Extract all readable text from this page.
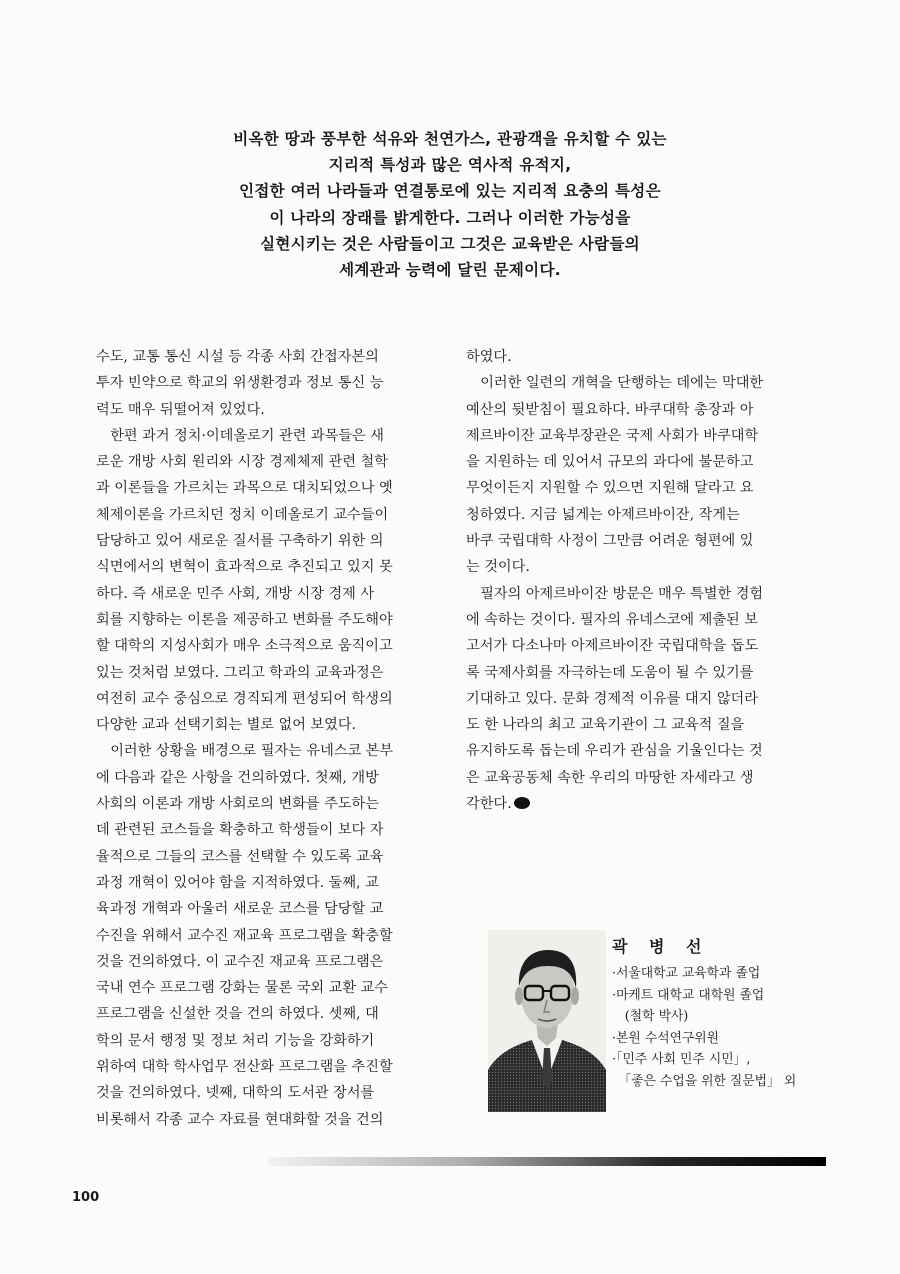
비옥한 땅과 풍부한 석유와 천연가스, 관광객을 유치할 수 있는
지리적 특성과 많은 역사적 유적지,
인접한 여러 나라들과 연결통로에 있는 지리적 요충의 특성은
이 나라의 장래를 밝게한다. 그러나 이러한 가능성을
실현시키는 것은 사람들이고 그것은 교육받은 사람들의
세계관과 능력에 달린 문제이다.
수도, 교통 통신 시설 등 각종 사회 간접자본의
투자 빈약으로 학교의 위생환경과 정보 통신 능
력도 매우 뒤떨어져 있었다.
　한편 과거 정치·이데올로기 관련 과목들은 새
로운 개방 사회 원리와 시장 경제체제 관련 철학
과 이론들을 가르치는 과목으로 대치되었으나 옛
체제이론을 가르치던 정치 이데올로기 교수들이
담당하고 있어 새로운 질서를 구축하기 위한 의
식면에서의 변혁이 효과적으로 추진되고 있지 못
하다. 즉 새로운 민주 사회, 개방 시장 경제 사
회를 지향하는 이론을 제공하고 변화를 주도해야
할 대학의 지성사회가 매우 소극적으로 움직이고
있는 것처럼 보였다. 그리고 학과의 교육과정은
여전히 교수 중심으로 경직되게 편성되어 학생의
다양한 교과 선택기회는 별로 없어 보였다.
　이러한 상황을 배경으로 필자는 유네스코 본부
에 다음과 같은 사항을 건의하였다. 첫째, 개방
사회의 이론과 개방 사회로의 변화를 주도하는
데 관련된 코스들을 확충하고 학생들이 보다 자
율적으로 그들의 코스를 선택할 수 있도록 교육
과정 개혁이 있어야 함을 지적하였다. 둘째, 교
육과정 개혁과 아울러 새로운 코스를 담당할 교
수진을 위해서 교수진 재교육 프로그램을 확충할
것을 건의하였다. 이 교수진 재교육 프로그램은
국내 연수 프로그램 강화는 물론 국외 교환 교수
프로그램을 신설한 것을 건의 하였다. 셋째, 대
학의 문서 행정 및 정보 처리 기능을 강화하기
위하여 대학 학사업무 전산화 프로그램을 추진할
것을 건의하였다. 넷째, 대학의 도서관 장서를
비롯해서 각종 교수 자료를 현대화할 것을 건의
하였다.
　이러한 일련의 개혁을 단행하는 데에는 막대한
예산의 뒷받침이 필요하다. 바쿠대학 총장과 아
제르바이잔 교육부장관은 국제 사회가 바쿠대학
을 지원하는 데 있어서 규모의 과다에 불문하고
무엇이든지 지원할 수 있으면 지원해 달라고 요
청하였다. 지금 넓게는 아제르바이잔, 작게는
바쿠 국립대학 사정이 그만큼 어려운 형편에 있
는 것이다.
　필자의 아제르바이잔 방문은 매우 특별한 경험
에 속하는 것이다. 필자의 유네스코에 제출된 보
고서가 다소나마 아제르바이잔 국립대학을 돕도
록 국제사회를 자극하는데 도움이 될 수 있기를
기대하고 있다. 문화 경제적 이유를 대지 않더라
도 한 나라의 최고 교육기관이 그 교육적 질을
유지하도록 돕는데 우리가 관심을 기울인다는 것
은 교육공동체 속한 우리의 마땅한 자세라고 생
각한다.
곽 병 선
·서울대학교 교육학과 졸업
·마케트 대학교 대학원 졸업
　(철학 박사)
·본원 수석연구위원
·「민주 사회 민주 시민」,
　「좋은 수업을 위한 질문법」 외
100
